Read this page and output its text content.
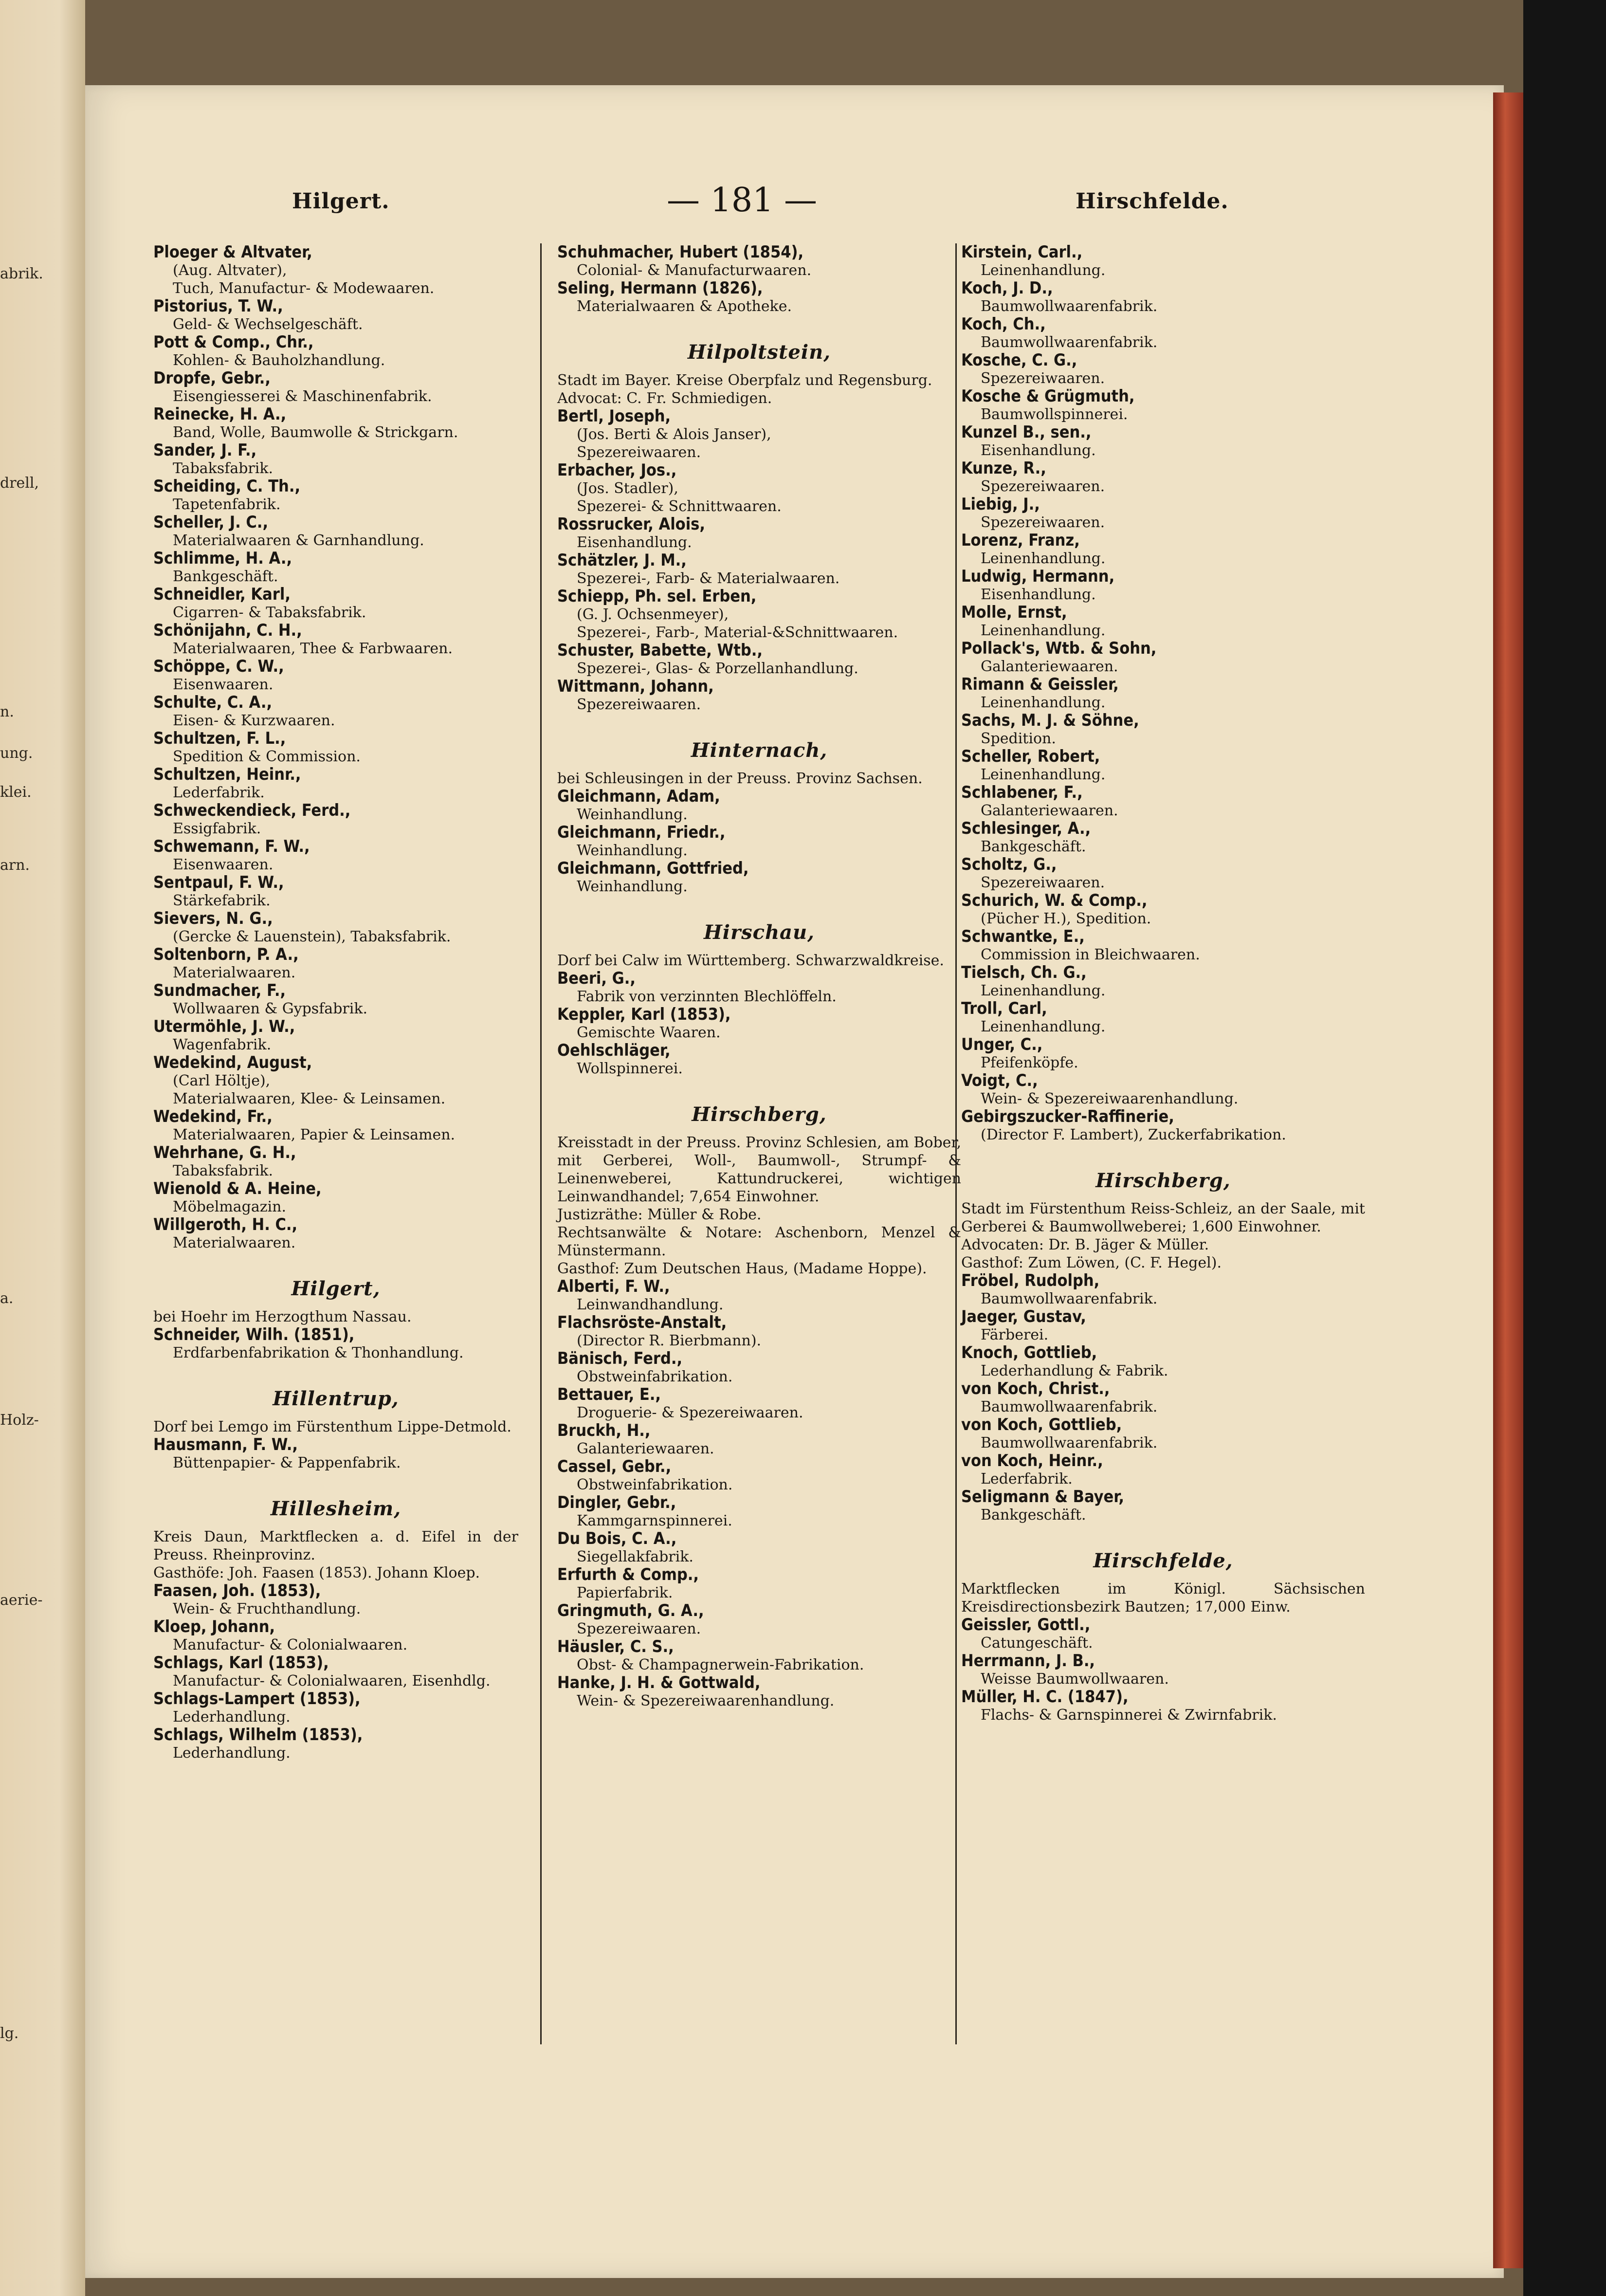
abrik.
drell,
n.
ung.
klei.
arn.
a.
Holz-
aerie-
lg.
Hilgert.	— 181 —	Hirschfelde.
Ploeger & Altvater,
(Aug. Altvater),
Tuch, Manufactur- & Modewaaren.
Pistorius, T. W.,
Geld- & Wechselgeschäft.
Pott & Comp., Chr.,
Kohlen- & Bauholzhandlung.
Dropfe, Gebr.,
Eisengiesserei & Maschinenfabrik.
Reinecke, H. A.,
Band, Wolle, Baumwolle & Strickgarn.
Sander, J. F.,
Tabaksfabrik.
Scheiding, C. Th.,
Tapetenfabrik.
Scheller, J. C.,
Materialwaaren & Garnhandlung.
Schlimme, H. A.,
Bankgeschäft.
Schneidler, Karl,
Cigarren- & Tabaksfabrik.
Schönijahn, C. H.,
Materialwaaren, Thee & Farbwaaren.
Schöppe, C. W.,
Eisenwaaren.
Schulte, C. A.,
Eisen- & Kurzwaaren.
Schultzen, F. L.,
Spedition & Commission.
Schultzen, Heinr.,
Lederfabrik.
Schweckendieck, Ferd.,
Essigfabrik.
Schwemann, F. W.,
Eisenwaaren.
Sentpaul, F. W.,
Stärkefabrik.
Sievers, N. G.,
(Gercke & Lauenstein), Tabaksfabrik.
Soltenborn, P. A.,
Materialwaaren.
Sundmacher, F.,
Wollwaaren & Gypsfabrik.
Utermöhle, J. W.,
Wagenfabrik.
Wedekind, August,
(Carl Höltje),
Materialwaaren, Klee- & Leinsamen.
Wedekind, Fr.,
Materialwaaren, Papier & Leinsamen.
Wehrhane, G. H.,
Tabaksfabrik.
Wienold & A. Heine,
Möbelmagazin.
Willgeroth, H. C.,
Materialwaaren.
Hilgert,
bei Hoehr im Herzogthum Nassau.
Schneider, Wilh. (1851),
Erdfarbenfabrikation & Thonhandlung.
Hillentrup,
Dorf bei Lemgo im Fürstenthum Lippe-Detmold.
Hausmann, F. W.,
Büttenpapier- & Pappenfabrik.
Hillesheim,
Kreis Daun, Marktflecken a. d. Eifel in der Preuss. Rheinprovinz.
Gasthöfe: Joh. Faasen (1853). Johann Kloep.
Faasen, Joh. (1853),
Wein- & Fruchthandlung.
Kloep, Johann,
Manufactur- & Colonialwaaren.
Schlags, Karl (1853),
Manufactur- & Colonialwaaren, Eisenhdlg.
Schlags-Lampert (1853),
Lederhandlung.
Schlags, Wilhelm (1853),
Lederhandlung.
Schuhmacher, Hubert (1854),
Colonial- & Manufacturwaaren.
Seling, Hermann (1826),
Materialwaaren & Apotheke.
Hilpoltstein,
Stadt im Bayer. Kreise Oberpfalz und Regensburg.
Advocat: C. Fr. Schmiedigen.
Bertl, Joseph,
(Jos. Berti & Alois Janser),
Spezereiwaaren.
Erbacher, Jos.,
(Jos. Stadler),
Spezerei- & Schnittwaaren.
Rossrucker, Alois,
Eisenhandlung.
Schätzler, J. M.,
Spezerei-, Farb- & Materialwaaren.
Schiepp, Ph. sel. Erben,
(G. J. Ochsenmeyer),
Spezerei-, Farb-, Material-&Schnittwaaren.
Schuster, Babette, Wtb.,
Spezerei-, Glas- & Porzellanhandlung.
Wittmann, Johann,
Spezereiwaaren.
Hinternach,
bei Schleusingen in der Preuss. Provinz Sachsen.
Gleichmann, Adam,
Weinhandlung.
Gleichmann, Friedr.,
Weinhandlung.
Gleichmann, Gottfried,
Weinhandlung.
Hirschau,
Dorf bei Calw im Württemberg. Schwarzwaldkreise.
Beeri, G.,
Fabrik von verzinnten Blechlöffeln.
Keppler, Karl (1853),
Gemischte Waaren.
Oehlschläger,
Wollspinnerei.
Hirschberg,
Kreisstadt in der Preuss. Provinz Schlesien, am Bober, mit Gerberei, Woll-, Baumwoll-, Strumpf- & Leinenweberei, Kattundruckerei, wichtigen Leinwandhandel; 7,654 Einwohner.
Justizräthe: Müller & Robe.
Rechtsanwälte & Notare: Aschenborn, Menzel & Münstermann.
Gasthof: Zum Deutschen Haus, (Madame Hoppe).
Alberti, F. W.,
Leinwandhandlung.
Flachsröste-Anstalt,
(Director R. Bierbmann).
Bänisch, Ferd.,
Obstweinfabrikation.
Bettauer, E.,
Droguerie- & Spezereiwaaren.
Bruckh, H.,
Galanteriewaaren.
Cassel, Gebr.,
Obstweinfabrikation.
Dingler, Gebr.,
Kammgarnspinnerei.
Du Bois, C. A.,
Siegellakfabrik.
Erfurth & Comp.,
Papierfabrik.
Gringmuth, G. A.,
Spezereiwaaren.
Häusler, C. S.,
Obst- & Champagnerwein-Fabrikation.
Hanke, J. H. & Gottwald,
Wein- & Spezereiwaarenhandlung.
Kirstein, Carl.,
Leinenhandlung.
Koch, J. D.,
Baumwollwaarenfabrik.
Koch, Ch.,
Baumwollwaarenfabrik.
Kosche, C. G.,
Spezereiwaaren.
Kosche & Grügmuth,
Baumwollspinnerei.
Kunzel B., sen.,
Eisenhandlung.
Kunze, R.,
Spezereiwaaren.
Liebig, J.,
Spezereiwaaren.
Lorenz, Franz,
Leinenhandlung.
Ludwig, Hermann,
Eisenhandlung.
Molle, Ernst,
Leinenhandlung.
Pollack's, Wtb. & Sohn,
Galanteriewaaren.
Rimann & Geissler,
Leinenhandlung.
Sachs, M. J. & Söhne,
Spedition.
Scheller, Robert,
Leinenhandlung.
Schlabener, F.,
Galanteriewaaren.
Schlesinger, A.,
Bankgeschäft.
Scholtz, G.,
Spezereiwaaren.
Schurich, W. & Comp.,
(Pücher H.), Spedition.
Schwantke, E.,
Commission in Bleichwaaren.
Tielsch, Ch. G.,
Leinenhandlung.
Troll, Carl,
Leinenhandlung.
Unger, C.,
Pfeifenköpfe.
Voigt, C.,
Wein- & Spezereiwaarenhandlung.
Gebirgszucker-Raffinerie,
(Director F. Lambert), Zuckerfabrikation.
Hirschberg,
Stadt im Fürstenthum Reiss-Schleiz, an der Saale, mit Gerberei & Baumwollweberei; 1,600 Einwohner.
Advocaten: Dr. B. Jäger & Müller.
Gasthof: Zum Löwen, (C. F. Hegel).
Fröbel, Rudolph,
Baumwollwaarenfabrik.
Jaeger, Gustav,
Färberei.
Knoch, Gottlieb,
Lederhandlung & Fabrik.
von Koch, Christ.,
Baumwollwaarenfabrik.
von Koch, Gottlieb,
Baumwollwaarenfabrik.
von Koch, Heinr.,
Lederfabrik.
Seligmann & Bayer,
Bankgeschäft.
Hirschfelde,
Marktflecken im Königl. Sächsischen Kreisdirectionsbezirk Bautzen; 17,000 Einw.
Geissler, Gottl.,
Catungeschäft.
Herrmann, J. B.,
Weisse Baumwollwaaren.
Müller, H. C. (1847),
Flachs- & Garnspinnerei & Zwirnfabrik.
